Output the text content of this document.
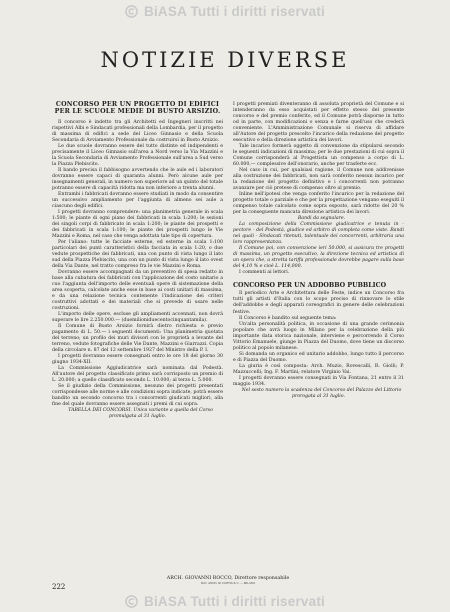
BiASA Tutti i diritti riservati
NOTIZIE DIVERSE
CONCORSO PER UN PROGETTO DI EDIFICI PER LE SCUOLE MEDIE DI BUSTO ARSIZIO.

Il concorso è indetto tra gli Architetti ed Ingegneri inscritti nei rispettivi Albi e Sindacati professionali della Lombardia, per il progetto di massima di edifici a sede del Liceo Ginnasio e della Scuola Secondaria di Avviamento Professionale da costruirsi in Busto Arsizio.

Le due scuole dovranno essere del tutto distinte ed indipendenti e precisamente il Liceo Ginnasio sull'area a Nord verso la Via Mazzini e la Scuola Secondaria di Avviamento Professionale sull'area a Sud verso la Piazza Plebiscito.

Il bando precisa il fabbisogno avvertendo che le aule ed i laboratori dovranno essere capaci di quaranta alunni. Però alcune aule per insegnamenti generali, in numero non superiore ad un quinto del totale potranno essere di capacità ridotta ma non inferiore a trenta alunni.

Entrambi i fabbricati dovranno essere studiati in modo da consentire un successivo ampliamento per l'aggiunta di almeno sei aule a ciascuno degli edifici.

I progetti dovranno comprendere: una planimetria generale in scala 1:500; le piante di ogni piano dei fabbricati in scala 1:200; le sezioni dei singoli corpi di fabbricato in scala 1:200; le piante dei prospetti e dei fabbricati in scala 1:100; le piante dei prospetti lungo le Vie Mazzini e Roma, nel caso che venga adottata tale tipo di copertura.

Per l'aliano: tutte le facciate esterne, ed esterne in scala 1:100 particolari dei punti caratteristici della facciata in scala 1:20, o due vedute prospettiche dei fabbricati, una con punto di vista lungo il lato sud della Piazza Plebiscito, una con un punto di vista lungo il lato ovest della Via Dante, nel tratto compreso fra le vie Mazzini e Roma.

Dovranno essere accompagnati da un preventivo di spesa redatto in base alla cubatura dei fabbricati con l'applicazione del costo unitario a cuo l'aggiunta dell'importo delle eventuali opere di sistemazione della area scoperta, calcolate anche esse in base ai costi unitari di massima, e da una relazione tecnica contenente l'indicazione dei criteri costruttivi adottati e dei materiali che si prevede di usare nelle costruzioni.

L'importo delle opere, escluse gli ampliamenti accennati, non dovrà superare le lire 2.250.000.— (duemilioniduecentocinquantamila).

Il Comune di Busto Arsizio fornirà dietro richiesta e previo pagamento di L. 50.— i seguenti documenti: Una planimetria quotata del terreno; un profilo dei muri divisori con le proprietà a levante del terreno, vedute fotografiche delle Vie Dante, Mazzini e Giarrazzi. Copia della circolare n. 87 del 12 settembre 1927 del Ministro della P. I.

I progetti dovranno essere consegnati entro le ore 18 del giorno 30 giugno 1934-XII.

La Commissione Aggiudicatrice sarà nominata dal Podestà. All'autore del progetto classificato primo sarà corrisposto un premio di L. 20.000; a quello classificato secondo L. 10.000; al terzo L. 5.000.

Se il giudizio della Commissione, nessuno dei progetti presentati corrispondesse alle norme e alle condizioni sopra indicate, potrà essere bandito un secondo concorso tra i concorrenti giudicati migliori, alla fine del quale dovranno essere assegnati i premi di cui sopra.

TABELLA DEI CONCORSI. Unica variante a quella del Corso promulgata al 31 luglio.

I progetti premiati diventeranno di assoluta proprietà del Comune e si intenderanno da esso acquistati per effetto stesso del presente concorso e del premio conferito, ed il Comune potrà disporne in tutto od in parte, con modificazioni o senza e farne quell'uso che crederà conveniente. L'Amministrazione Comunale si riserva di affidare all'Autore del progetto prescelto l'incarico della redazione del progetto esecutivo e della direzione artistica dei lavori.

Tale incarico formerà oggetto di convenzione da stipularsi secondo le seguenti indicazioni di massima; per le due prestazioni di cui sopra il Comune corrisponderà al Progettista un compenso a corpo di L. 60.000,— complessive dell'onorario, anche per trasferte ecc.

Nel caso in cui, per qualsiasi ragione, il Comune non addivenisse alla costruzione dei fabbricati, non sarà conferito nessun incarico per la redazione del progetto definitivo e i concorrenti non potranno avanzare per ciò pretese di compenso oltre al premio.

Inline nell'ipotesi che venga conferito l'incarico per la redazione del progetto totale o parziale e che per la progettazione vengano eseguiti il compenso totale calcolato come sopra esposto, sarà ridotto del 20 % per la conseguente mancata direzione artistica dei lavori.

Bandi da segnalare.

La composizione della Commissione giudicatrice e tenuta in - pectore - del Podestà, giudice ed arbitro di completa come viste. Bandi nei quali - Sindacati ritenuti, talentuale dei concorrenti, arbitraria una loro rappresentanza.

Il Comune poi, con convenzione ieri 50.000, si assicura tre progetti di massima, un progetto esecutivo, la direzione tecnica ed artistica di un opera che, a stretta tariffa professionale dovrebbe pagare sulla base del 4,10 % e cioè L. 114,000.

I commenti ai lettori.

CONCORSO PER UN ADDOBBO PUBBLICO

Il periodico Arte e Architettura delle Feste, indice un Concorso fra tutti gli artisti d'Italia con lo scopo preciso di rinnovare lo stile dell'addobbo e degli apparati coreografici in genere delle celebrazioni festive.

Il Concorso è bandito sul seguente tema:

Un'alta personalità politica, in occasione di una grande cerimonia popolare che avrà luogo in Milano per la celebrazione della più importante data storica nazionale, interviene e percorrendo il Corso Vittorio Emanuele, giunge in Piazza del Duomo, dove tiene un discorso politico al popolo milanese.

Si domanda un organico ed unitario addobbo, lungo tutto il percorso e di Piazza del Duomo.

La giuria è così composta: Arch. Muzio, Rovescalli, R. Giolli; P. Mazzuccelli; Ing. F. Martini; relatore Virginio Vai.

I progetti dovranno essere consegnati in Via Fontana, 21 entro il 31 maggio 1934.

Nel sesto numero la scadenza del Concorso del Palazzo del Littorio prorogata al 31 luglio.

222
ARCH. GIOVANNI ROCCO, Direttore responsabile
SOC. ANON. DI CURTIS & C. — MILANO
BiASA Tutti i diritti riservati
